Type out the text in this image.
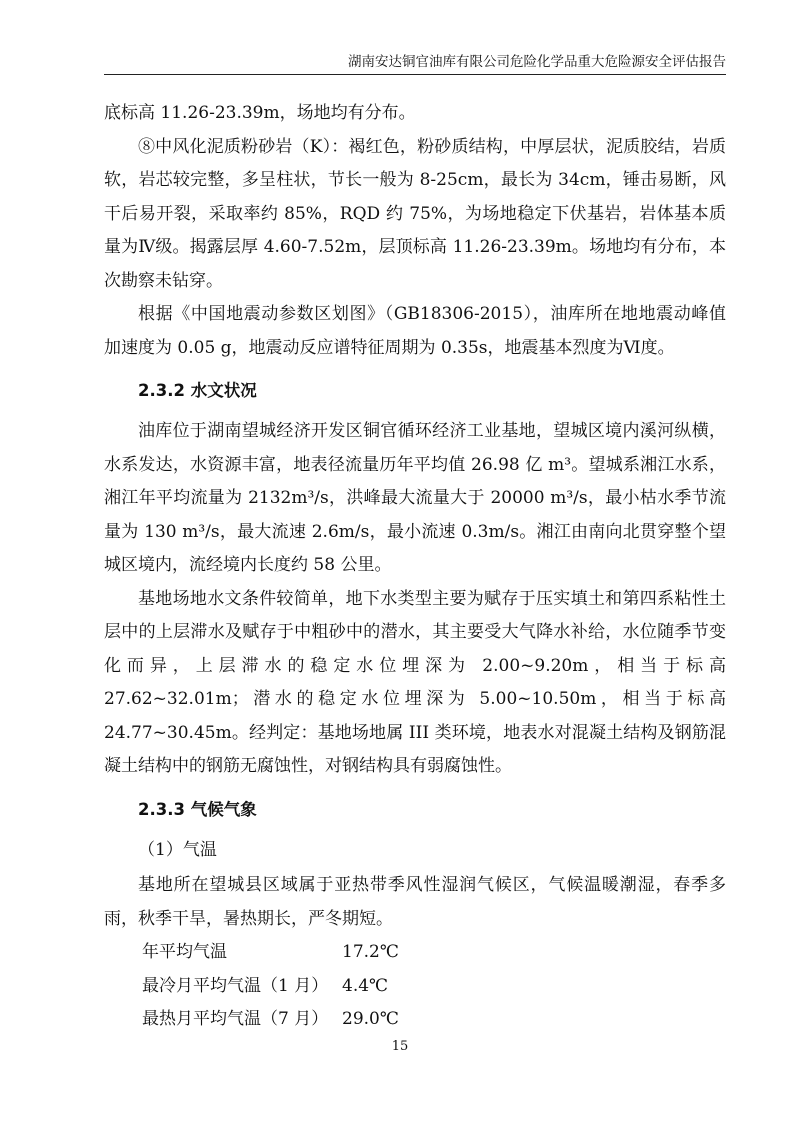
湖南安达铜官油库有限公司危险化学品重大危险源安全评估报告

底标高 11.26-23.39m，场地均有分布。

⑧中风化泥质粉砂岩（K）：褐红色，粉砂质结构，中厚层状，泥质胶结，岩质软，岩芯较完整，多呈柱状，节长一般为 8-25cm，最长为 34cm，锤击易断，风干后易开裂，采取率约 85%，RQD 约 75%，为场地稳定下伏基岩，岩体基本质量为Ⅳ级。揭露层厚 4.60-7.52m，层顶标高 11.26-23.39m。场地均有分布，本次勘察未钻穿。

根据《中国地震动参数区划图》（GB18306-2015），油库所在地地震动峰值加速度为 0.05 g，地震动反应谱特征周期为 0.35s，地震基本烈度为Ⅵ度。

2.3.2 水文状况

油库位于湖南望城经济开发区铜官循环经济工业基地，望城区境内溪河纵横，水系发达，水资源丰富，地表径流量历年平均值 26.98 亿 m³。望城系湘江水系，湘江年平均流量为 2132m³/s，洪峰最大流量大于 20000 m³/s，最小枯水季节流量为 130 m³/s，最大流速 2.6m/s，最小流速 0.3m/s。湘江由南向北贯穿整个望城区境内，流经境内长度约 58 公里。

基地场地水文条件较简单，地下水类型主要为赋存于压实填土和第四系粘性土层中的上层滞水及赋存于中粗砂中的潜水，其主要受大气降水补给，水位随季节变化而异，上层滞水的稳定水位埋深为 2.00~9.20m，相当于标高 27.62~32.01m；潜水的稳定水位埋深为 5.00~10.50m，相当于标高 24.77~30.45m。经判定：基地场地属 III 类环境，地表水对混凝土结构及钢筋混凝土结构中的钢筋无腐蚀性，对钢结构具有弱腐蚀性。

2.3.3 气候气象
（1）气温

基地所在望城县区域属于亚热带季风性湿润气候区，气候温暖潮湿，春季多雨，秋季干旱，暑热期长，严冬期短。

年平均气温	17.2℃
最冷月平均气温（1 月） 4.4℃
最热月平均气温（7 月） 29.0℃
15
